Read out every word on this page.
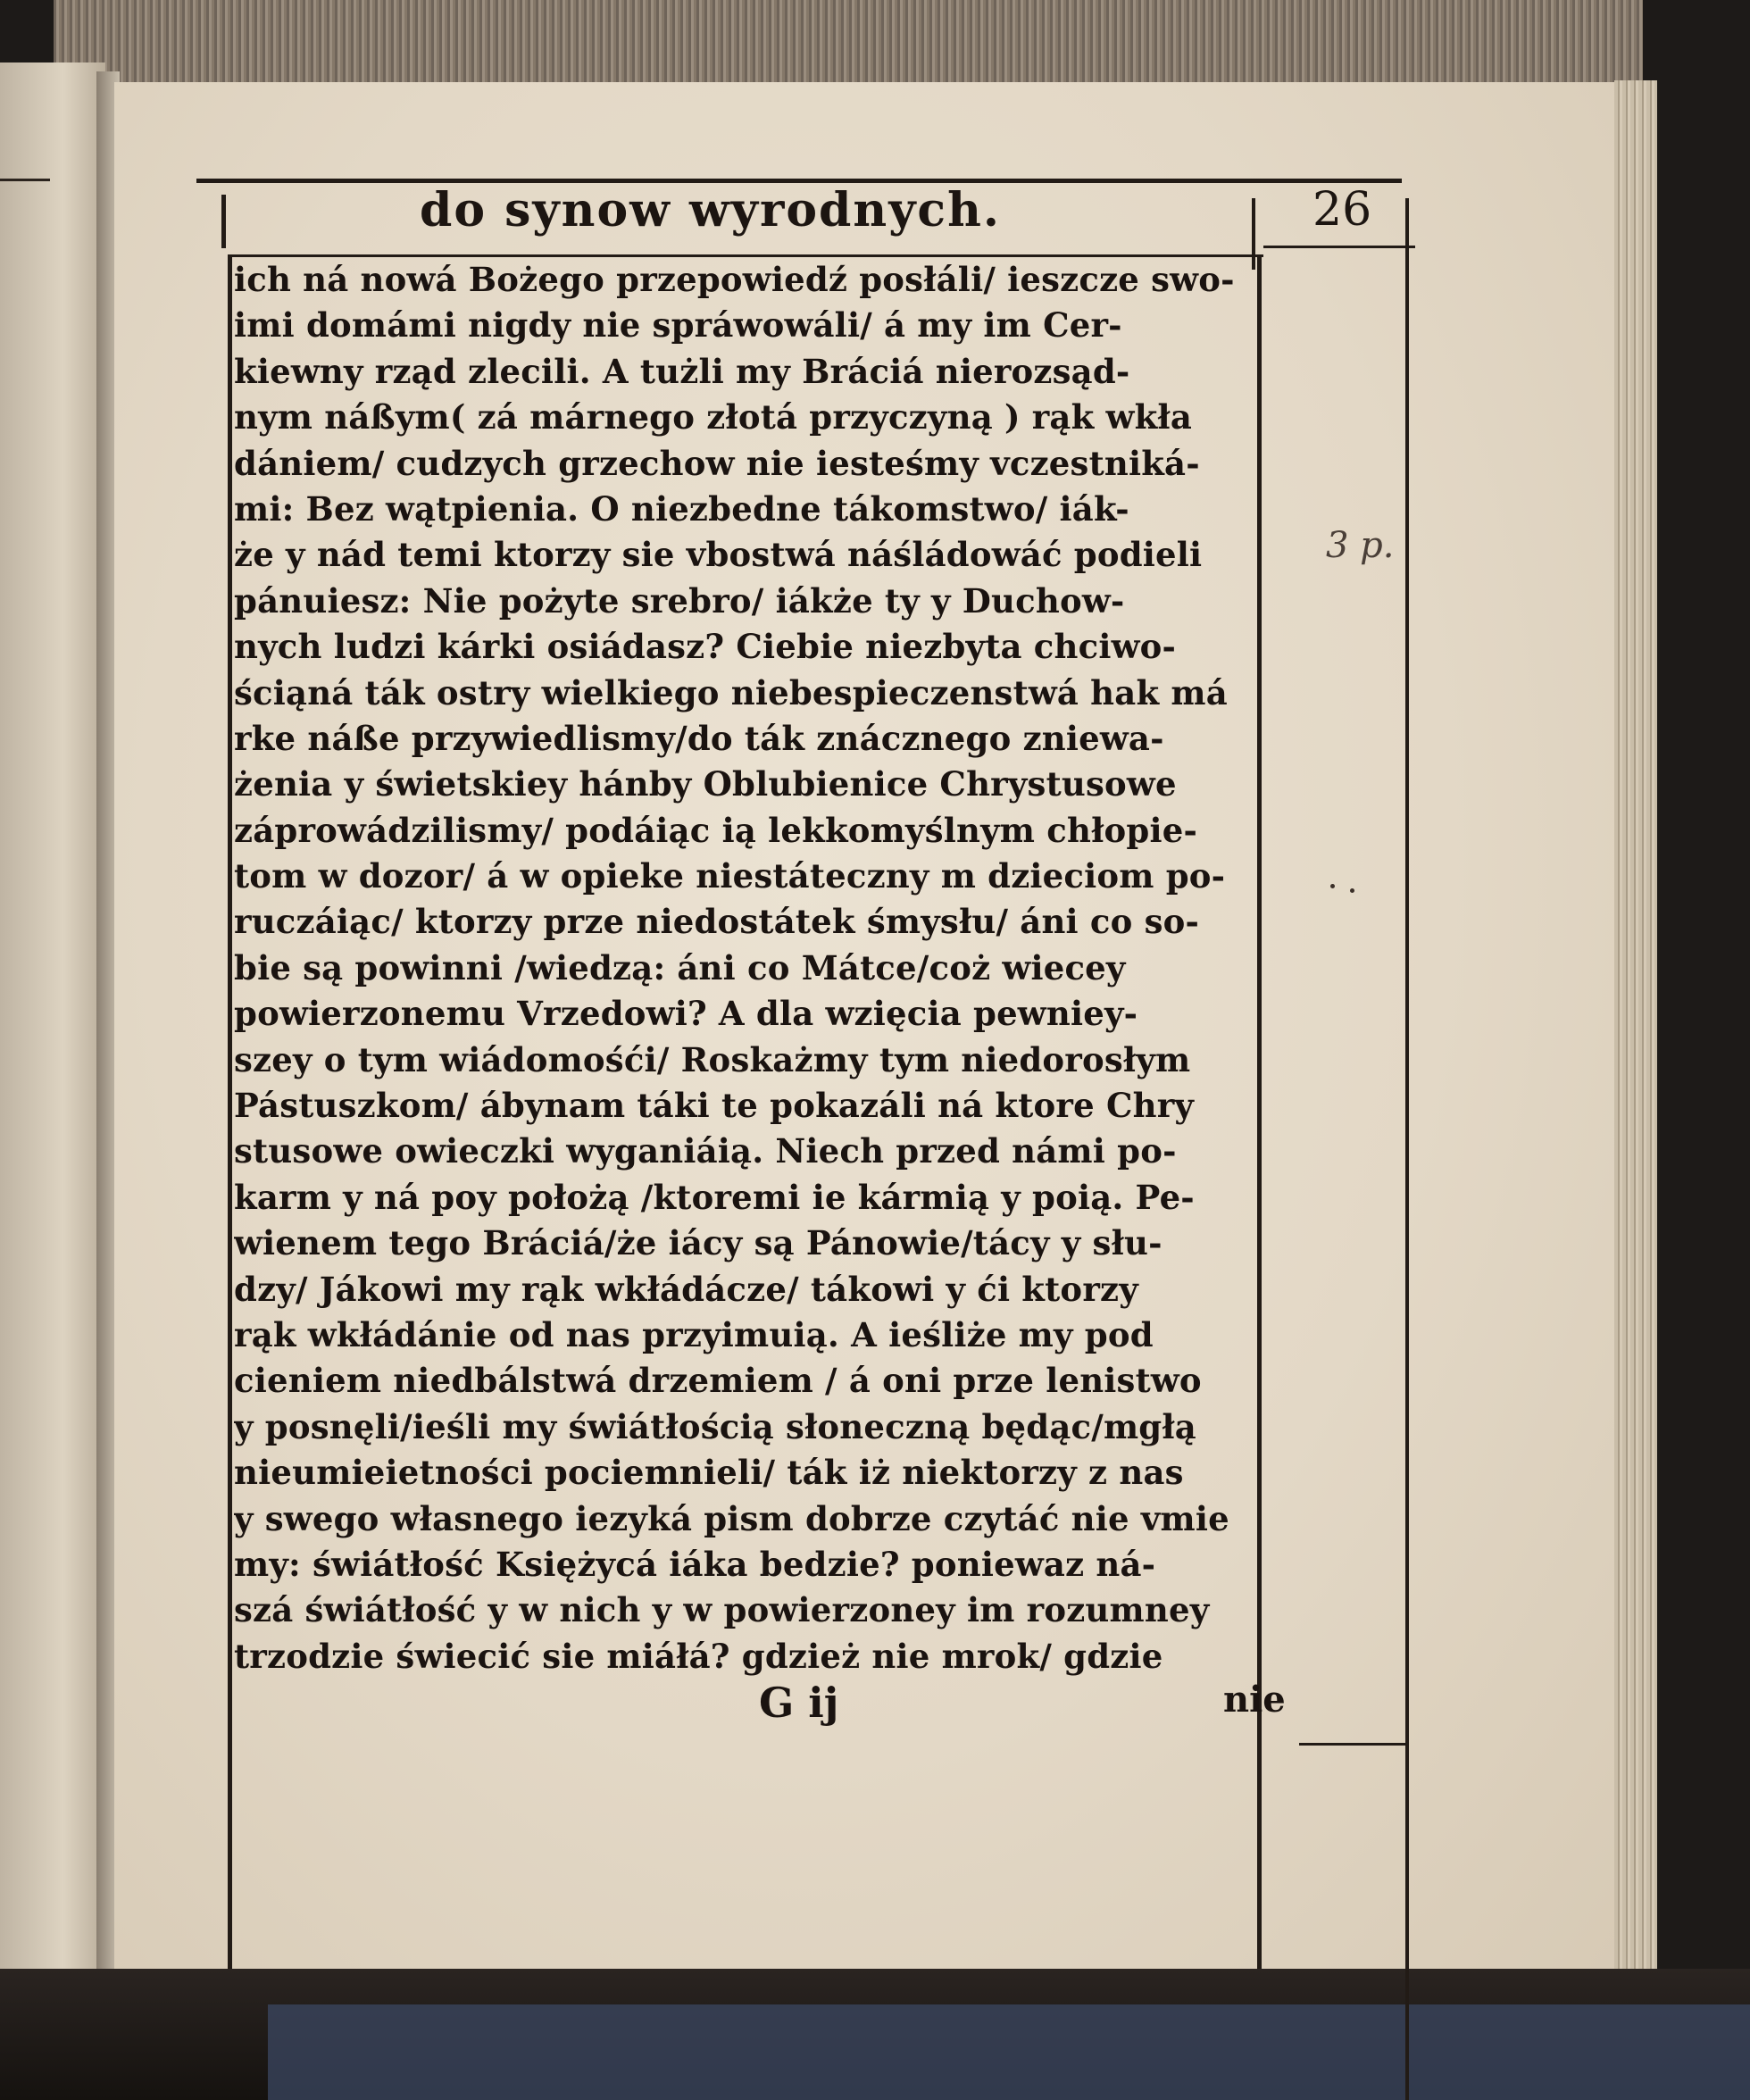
do synow wyrodnych.	26
ich ná nowá Bożego przepowiedź posłáli/ ieszcze swo-
imi domámi nigdy nie spráwowáli/ á my im Cer-
kiewny rząd zlecili. A tużli my Bráciá nierozsąd-
nym náßym( zá márnego złotá przyczyną ) rąk wkła
dániem/ cudzych grzechow nie iesteśmy vczestniká-
mi: Bez wątpienia. O niezbedne tákomstwo/ iák-
że y nád temi ktorzy sie vbostwá náśládowáć podieli
pánuiesz: Nie pożyte srebro/ iákże ty y Duchow-
nych ludzi kárki osiádasz? Ciebie niezbyta chciwo-
ściąná ták ostry wielkiego niebespieczenstwá hak má
rke náße przywiedlismy/do ták znácznego zniewa-
żenia y świetskiey hánby Oblubienice Chrystusowe
záprowádzilismy/ podáiąc ią lekkomyślnym chłopie-
tom w dozor/ á w opieke niestáteczny m dzieciom po-
ruczáiąc/ ktorzy prze niedostátek śmysłu/ áni co so-
bie są powinni /wiedzą: áni co Mátce/coż wiecey
powierzonemu Vrzedowi? A dla wzięcia pewniey-
szey o tym wiádomośći/ Roskażmy tym niedorosłym
Pástuszkom/ ábynam táki te pokazáli ná ktore Chry
stusowe owieczki wyganiáią. Niech przed námi po-
karm y ná poy położą /ktoremi ie kármią y poią. Pe-
wienem tego Bráciá/że iácy są Pánowie/tácy y słu-
dzy/ Jákowi my rąk wkłádácze/ tákowi y ći ktorzy
rąk wkłádánie od nas przyimuią. A ieśliże my pod
cieniem niedbálstwá drzemiem / á oni prze lenistwo
y posnęli/ieśli my świátłością słoneczną będąc/mgłą
nieumieietności pociemnieli/ ták iż niektorzy z nas
y swego własnego iezyká pism dobrze czytáć nie vmie
my: świátłość Księżycá iáka bedzie? poniewaz ná-
szá świátłość y w nich y w powierzoney im rozumney
trzodzie świecić sie miáłá? gdzież nie mrok/ gdzie
G ij	nie
3 p.
